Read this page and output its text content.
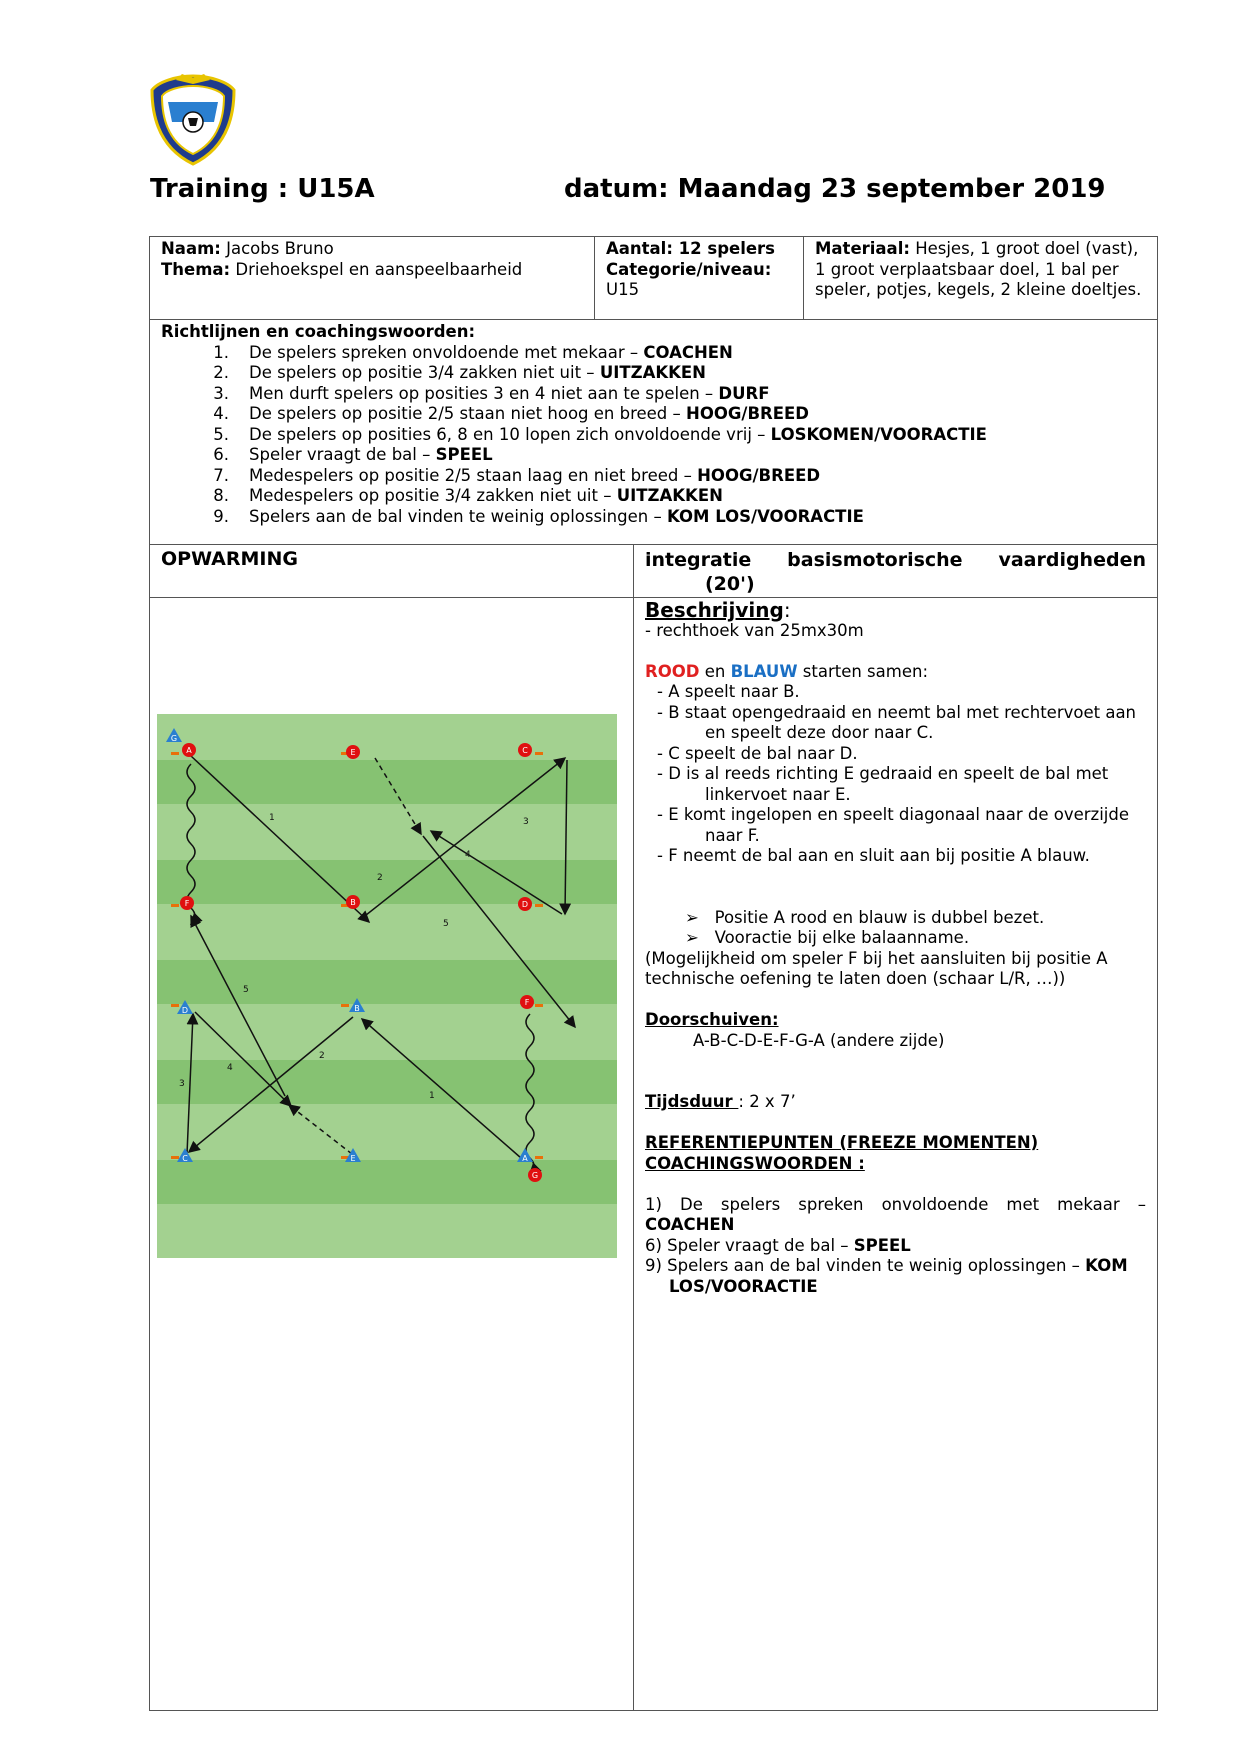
Training : U15A	datum: Maandag 23 september 2019
Naam: Jacobs Bruno
Thema: Driehoekspel en aanspeelbaarheid
Aantal: 12 spelers
Categorie/niveau:
U15
Materiaal: Hesjes, 1 groot doel (vast), 1 groot verplaatsbaar doel, 1 bal per speler, potjes, kegels, 2 kleine doeltjes.
Richtlijnen en coachingswoorden:
1. De spelers spreken onvoldoende met mekaar – COACHEN
2. De spelers op positie 3/4 zakken niet uit – UITZAKKEN
3. Men durft spelers op posities 3 en 4 niet aan te spelen – DURF
4. De spelers op positie 2/5 staan niet hoog en breed – HOOG/BREED
5. De spelers op posities 6, 8 en 10 lopen zich onvoldoende vrij – LOSKOMEN/VOORACTIE
6. Speler vraagt de bal – SPEEL
7. Medespelers op positie 2/5 staan laag en niet breed – HOOG/BREED
8. Medespelers op positie 3/4 zakken niet uit – UITZAKKEN
9. Spelers aan de bal vinden te weinig oplossingen – KOM LOS/VOORACTIE
OPWARMING	integratie basismotorische vaardigheden
(20')
1
2
3
4
5
5
2
3
4
1
A	E	C
F	B	D
F
G
G
D	B
C	E	A

Beschrijving:

- rechthoek van 25mx30m

ROOD en BLAUW starten samen:

- A speelt naar B.

- B staat opengedraaid en neemt bal met rechtervoet aan

en speelt deze door naar C.

- C speelt de bal naar D.

- D is al reeds richting E gedraaid en speelt de bal met

linkervoet naar E.

- E komt ingelopen en speelt diagonaal naar de overzijde

naar F.

- F neemt de bal aan en sluit aan bij positie A blauw.

➢ Positie A rood en blauw is dubbel bezet.

➢ Vooractie bij elke balaanname.

(Mogelijkheid om speler F bij het aansluiten bij positie A

technische oefening te laten doen (schaar L/R, …))

Doorschuiven:

A-B-C-D-E-F-G-A (andere zijde)

Tijdsduur : 2 x 7’

REFERENTIEPUNTEN (FREEZE MOMENTEN)

COACHINGSWOORDEN :

1) De spelers spreken onvoldoende met mekaar –

COACHEN

6) Speler vraagt de bal – SPEEL

9) Spelers aan de bal vinden te weinig oplossingen – KOM

LOS/VOORACTIE
